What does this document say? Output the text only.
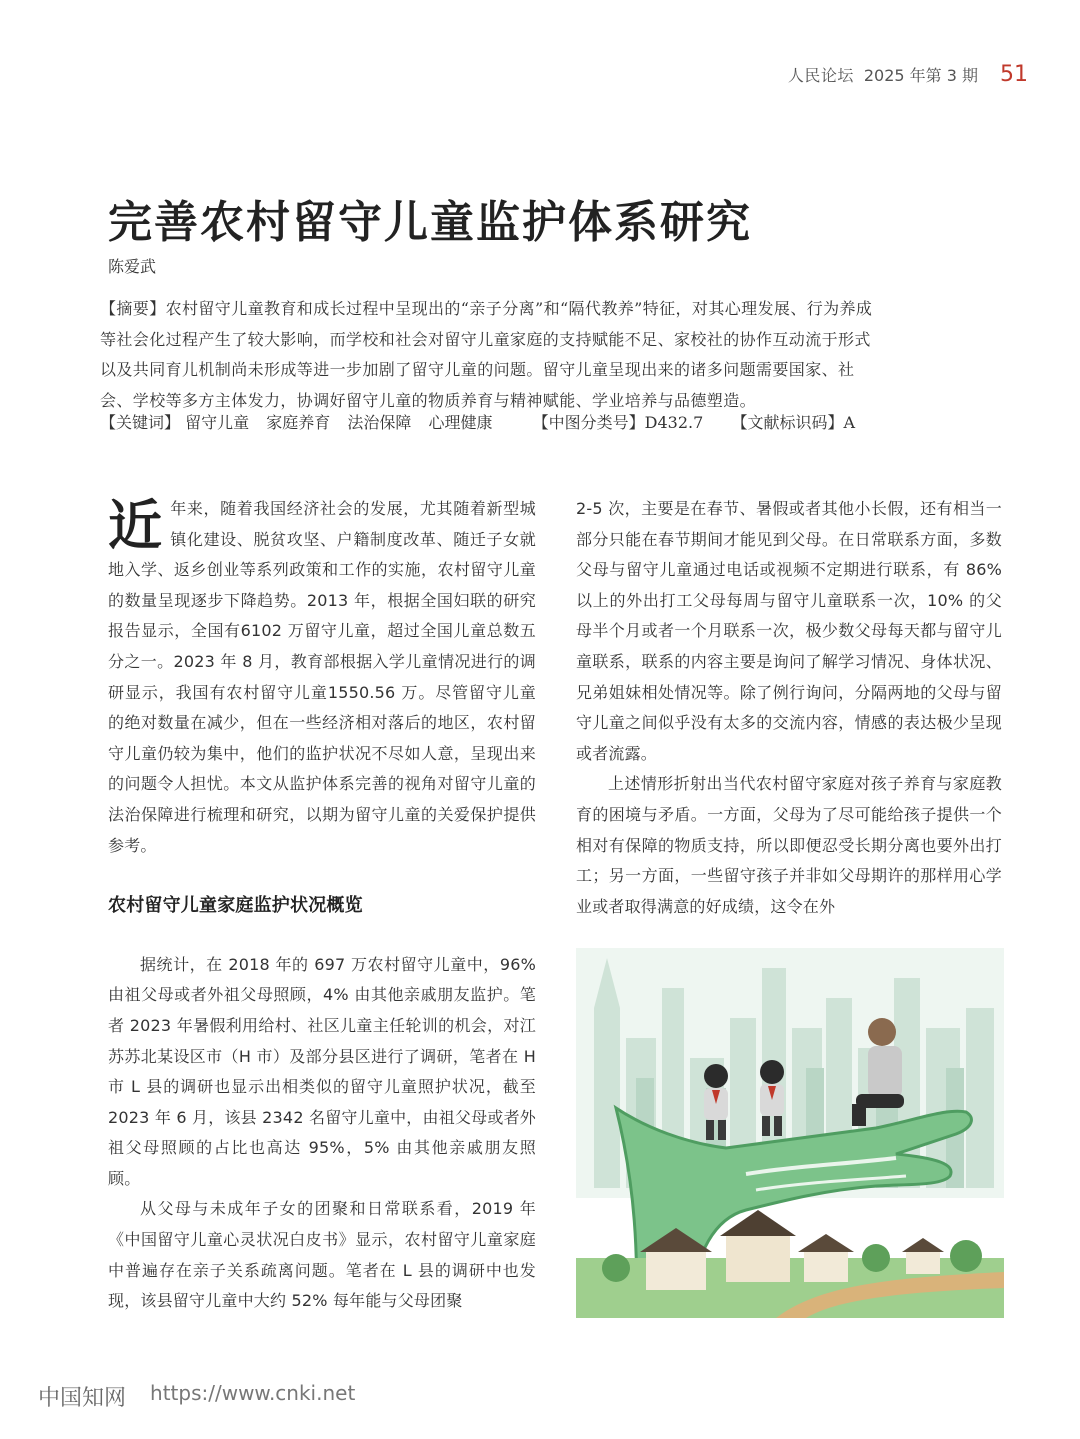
人民论坛 2025 年第 3 期 51
完善农村留守儿童监护体系研究
陈爱武
【摘要】农村留守儿童教育和成长过程中呈现出的“亲子分离”和“隔代教养”特征，对其心理发展、行为养成等社会化过程产生了较大影响，而学校和社会对留守儿童家庭的支持赋能不足、家校社的协作互动流于形式以及共同育儿机制尚未形成等进一步加剧了留守儿童的问题。留守儿童呈现出来的诸多问题需要国家、社会、学校等多方主体发力，协调好留守儿童的物质养育与精神赋能、学业培养与品德塑造。
【关键词】 留守儿童 家庭养育 法治保障 心理健康	【中图分类号】D432.7 【文献标识码】A

近年来，随着我国经济社会的发展，尤其随着新型城镇化建设、脱贫攻坚、户籍制度改革、随迁子女就地入学、返乡创业等系列政策和工作的实施，农村留守儿童的数量呈现逐步下降趋势。2013 年，根据全国妇联的研究报告显示，全国有6102 万留守儿童，超过全国儿童总数五分之一。2023 年 8 月，教育部根据入学儿童情况进行的调研显示，我国有农村留守儿童1550.56 万。尽管留守儿童的绝对数量在减少，但在一些经济相对落后的地区，农村留守儿童仍较为集中，他们的监护状况不尽如人意，呈现出来的问题令人担忧。本文从监护体系完善的视角对留守儿童的法治保障进行梳理和研究，以期为留守儿童的关爱保护提供参考。

农村留守儿童家庭监护状况概览

据统计，在 2018 年的 697 万农村留守儿童中，96% 由祖父母或者外祖父母照顾，4% 由其他亲戚朋友监护。笔者 2023 年暑假利用给村、社区儿童主任轮训的机会，对江苏苏北某设区市（H 市）及部分县区进行了调研，笔者在 H 市 L 县的调研也显示出相类似的留守儿童照护状况，截至 2023 年 6 月，该县 2342 名留守儿童中，由祖父母或者外祖父母照顾的占比也高达 95%，5% 由其他亲戚朋友照顾。

从父母与未成年子女的团聚和日常联系看，2019 年《中国留守儿童心灵状况白皮书》显示，农村留守儿童家庭中普遍存在亲子关系疏离问题。笔者在 L 县的调研中也发现，该县留守儿童中大约 52% 每年能与父母团聚

2-5 次，主要是在春节、暑假或者其他小长假，还有相当一部分只能在春节期间才能见到父母。在日常联系方面，多数父母与留守儿童通过电话或视频不定期进行联系，有 86% 以上的外出打工父母每周与留守儿童联系一次，10% 的父母半个月或者一个月联系一次，极少数父母每天都与留守儿童联系，联系的内容主要是询问了解学习情况、身体状况、兄弟姐妹相处情况等。除了例行询问，分隔两地的父母与留守儿童之间似乎没有太多的交流内容，情感的表达极少呈现或者流露。

上述情形折射出当代农村留守家庭对孩子养育与家庭教育的困境与矛盾。一方面，父母为了尽可能给孩子提供一个相对有保障的物质支持，所以即便忍受长期分离也要外出打工；另一方面，一些留守孩子并非如父母期许的那样用心学业或者取得满意的好成绩，这令在外

中国知网 https://www.cnki.net
